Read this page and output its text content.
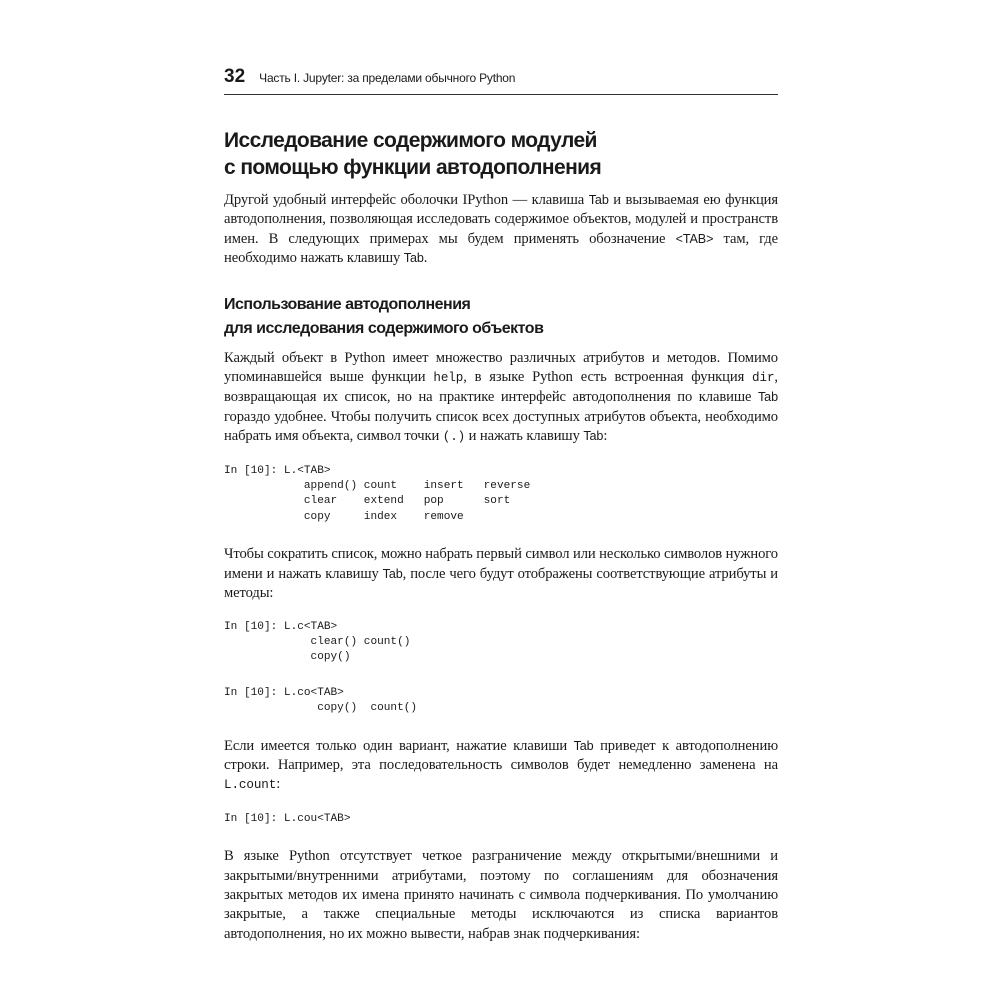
32 Часть I. Jupyter: за пределами обычного Python
Исследование содержимого модулей
с помощью функции автодополнения

Другой удобный интерфейс оболочки IPython — клавиша Tab и вызываемая ею функция автодополнения, позволяющая исследовать содержимое объектов, модулей и пространств имен. В следующих примерах мы будем применять обозначение <TAB> там, где необходимо нажать клавишу Tab.

Использование автодополнения
для исследования содержимого объектов

Каждый объект в Python имеет множество различных атрибутов и методов. Помимо упоминавшейся выше функции help, в языке Python есть встроенная функция dir, возвращающая их список, но на практике интерфейс автодополнения по клавише Tab гораздо удобнее. Чтобы получить список всех доступных атрибутов объекта, необходимо набрать имя объекта, символ точки (.) и нажать клавишу Tab:

In [10]: L.<TAB>
append() count    insert   reverse
clear    extend   pop      sort
copy     index    remove

Чтобы сократить список, можно набрать первый символ или несколько символов нужного имени и нажать клавишу Tab, после чего будут отображены соответствующие атрибуты и методы:

In [10]: L.c<TAB>
clear() count()
copy()
In [10]: L.co<TAB>
copy()  count()

Если имеется только один вариант, нажатие клавиши Tab приведет к автодополнению строки. Например, эта последовательность символов будет немедленно заменена на L.count:

In [10]: L.cou<TAB>

В языке Python отсутствует четкое разграничение между открытыми/внешними и закрытыми/внутренними атрибутами, поэтому по соглашениям для обозначения закрытых методов их имена принято начинать с символа подчеркивания. По умолчанию закрытые, а также специальные методы исключаются из списка вариантов автодополнения, но их можно вывести, набрав знак подчеркивания:
